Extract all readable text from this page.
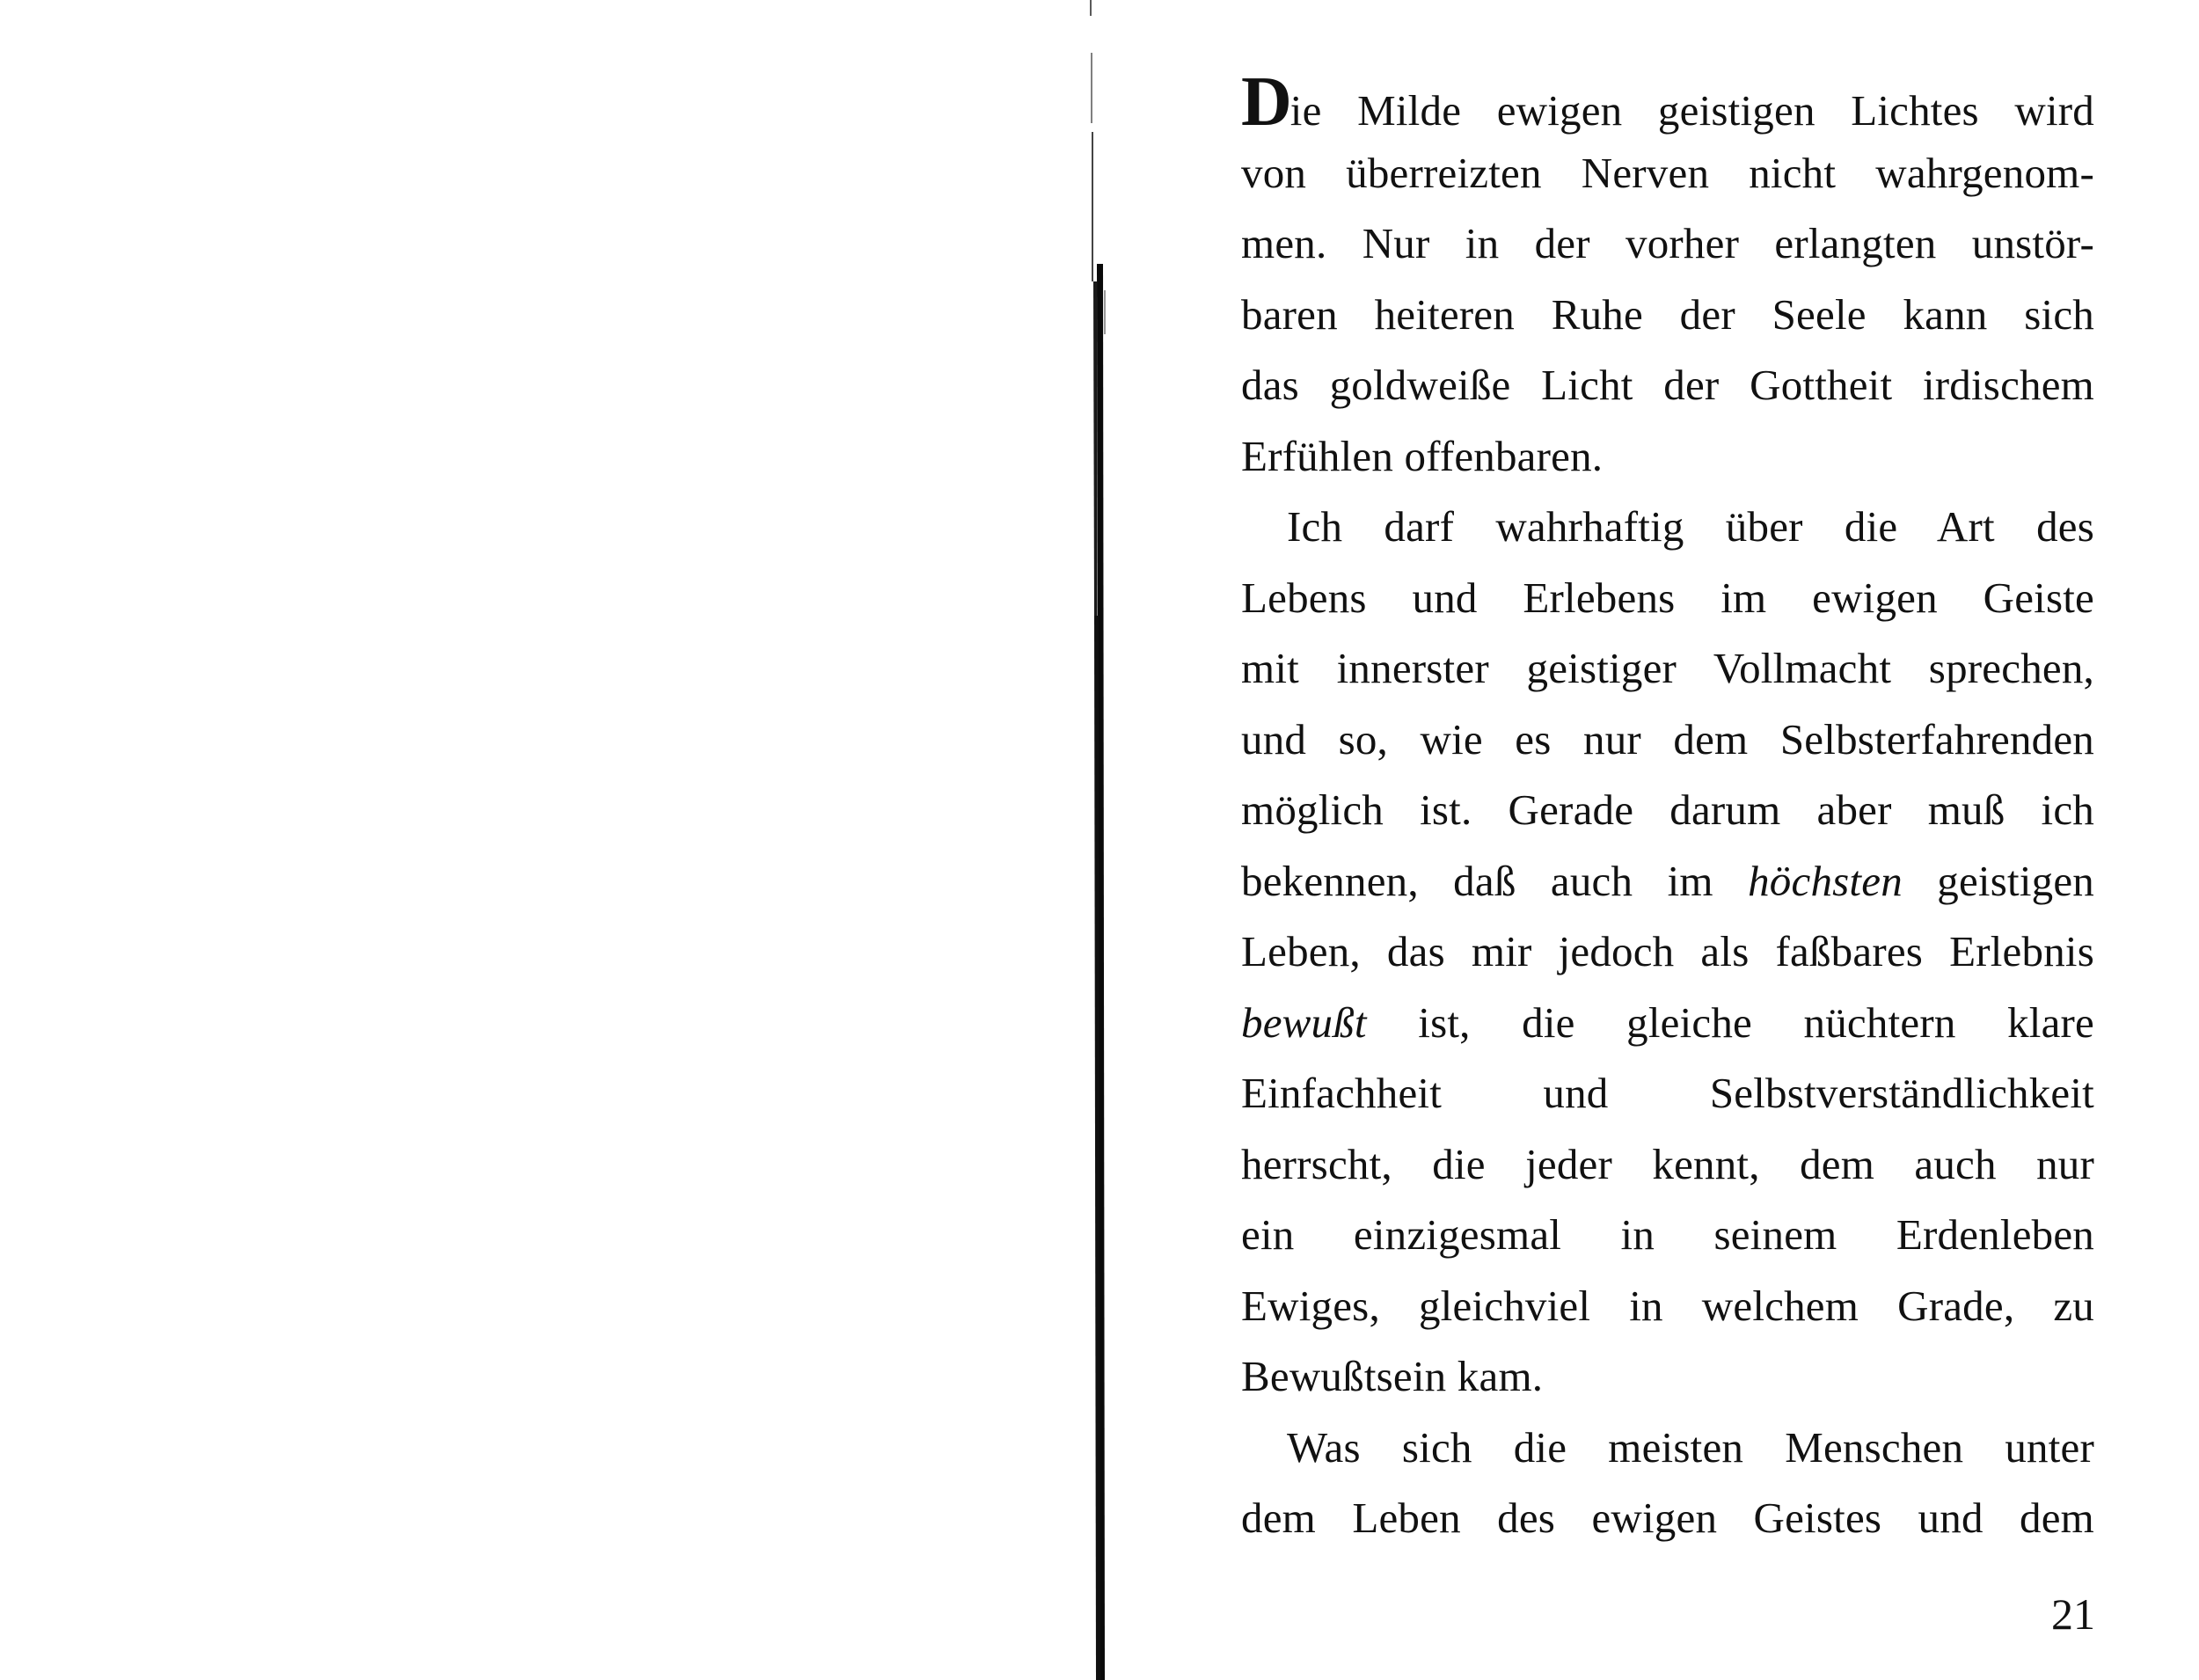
Die Milde ewigen geistigen Lichtes wird
von überreizten Nerven nicht wahrgenom-
men. Nur in der vorher erlangten unstör-
baren heiteren Ruhe der Seele kann sich
das goldweiße Licht der Gottheit irdischem
Erfühlen offenbaren.
Ich darf wahrhaftig über die Art des
Lebens und Erlebens im ewigen Geiste
mit innerster geistiger Vollmacht sprechen,
und so, wie es nur dem Selbsterfahrenden
möglich ist. Gerade darum aber muß ich
bekennen, daß auch im höchsten geistigen
Leben, das mir jedoch als faßbares Erlebnis
bewußt ist, die gleiche nüchtern klare
Einfachheit und Selbstverständlichkeit
herrscht, die jeder kennt, dem auch nur
ein einzigesmal in seinem Erdenleben
Ewiges, gleichviel in welchem Grade, zu
Bewußtsein kam.
Was sich die meisten Menschen unter
dem Leben des ewigen Geistes und dem
21
